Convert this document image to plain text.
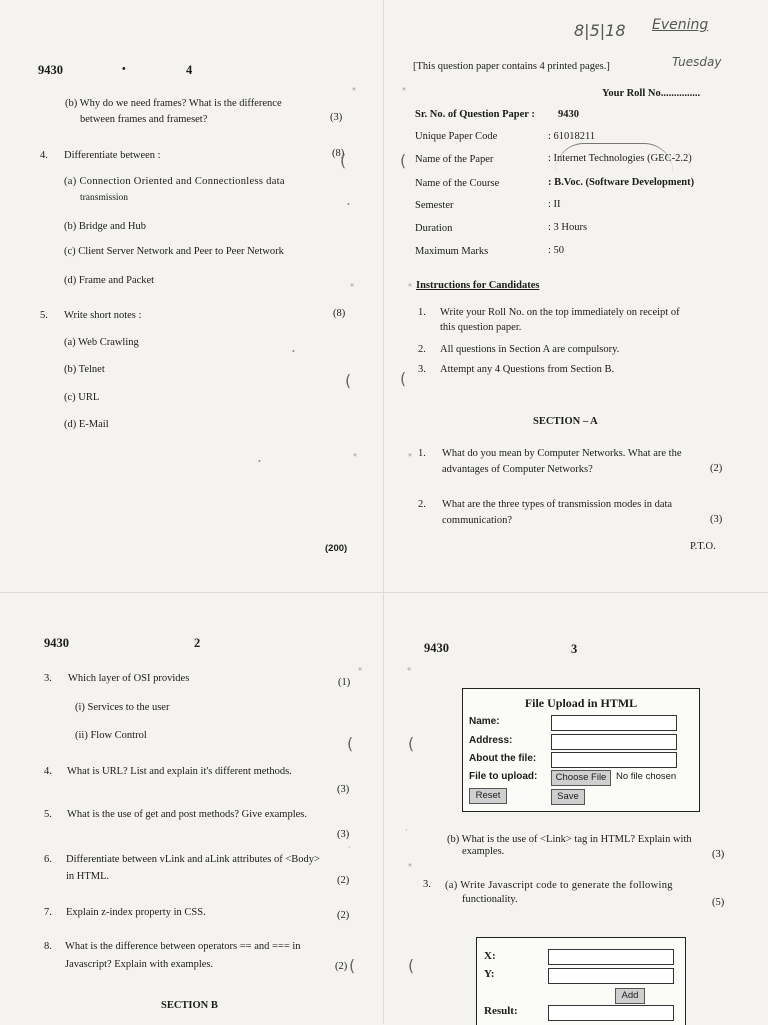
9430	•	4
(b) Why do we need frames? What is the difference
between frames and frameset?	(3)
4. Differentiate between :	(8)
(a) Connection Oriented and Connectionless data
transmission
(b) Bridge and Hub
(c) Client Server Network and Peer to Peer Network
(d) Frame and Packet
5. Write short notes :	(8)
(a) Web Crawling
(b) Telnet
(c) URL
(d) E-Mail
(200)
(
(
«
«
«
•
•
•
8|5|18 Evening
Tuesday
[This question paper contains 4 printed pages.]
Your Roll No...............
Sr. No. of Question Paper : 9430
Unique Paper Code	: 61018211
Name of the Paper	: Internet Technologies (GEC-2.2)
Name of the Course	: B.Voc. (Software Development)
Semester	: II
Duration	: 3 Hours
Maximum Marks	: 50
Instructions for Candidates
1. Write your Roll No. on the top immediately on receipt of
this question paper.
2. All questions in Section A are compulsory.
3. Attempt any 4 Questions from Section B.
SECTION – A
1. What do you mean by Computer Networks. What are the
advantages of Computer Networks?	(2)
2. What are the three types of transmission modes in data
communication?	(3)
P.T.O.
(
(
«
«
«
9430	2
3. Which layer of OSI provides	(1)
(i) Services to the user
(ii) Flow Control
4. What is URL? List and explain it's different methods.
(3)
5. What is the use of get and post methods? Give examples.
(3)
6. Differentiate between vLink and aLink attributes of <Body>
in HTML.	(2)
7. Explain z-index property in CSS.	(2)
8. What is the difference between operators == and === in
Javascript? Explain with examples.	(2)
SECTION B
(
(
«
·
9430	3
File Upload in HTML
Name:
Address:
About the file:
File to upload:	Choose File	No file chosen
Reset	Save
(b) What is the use of <Link> tag in HTML? Explain with
examples.	(3)
3. (a) Write Javascript code to generate the following
functionality.	(5)
X:
Y:
Add
Result:
(
(
«
«
·
